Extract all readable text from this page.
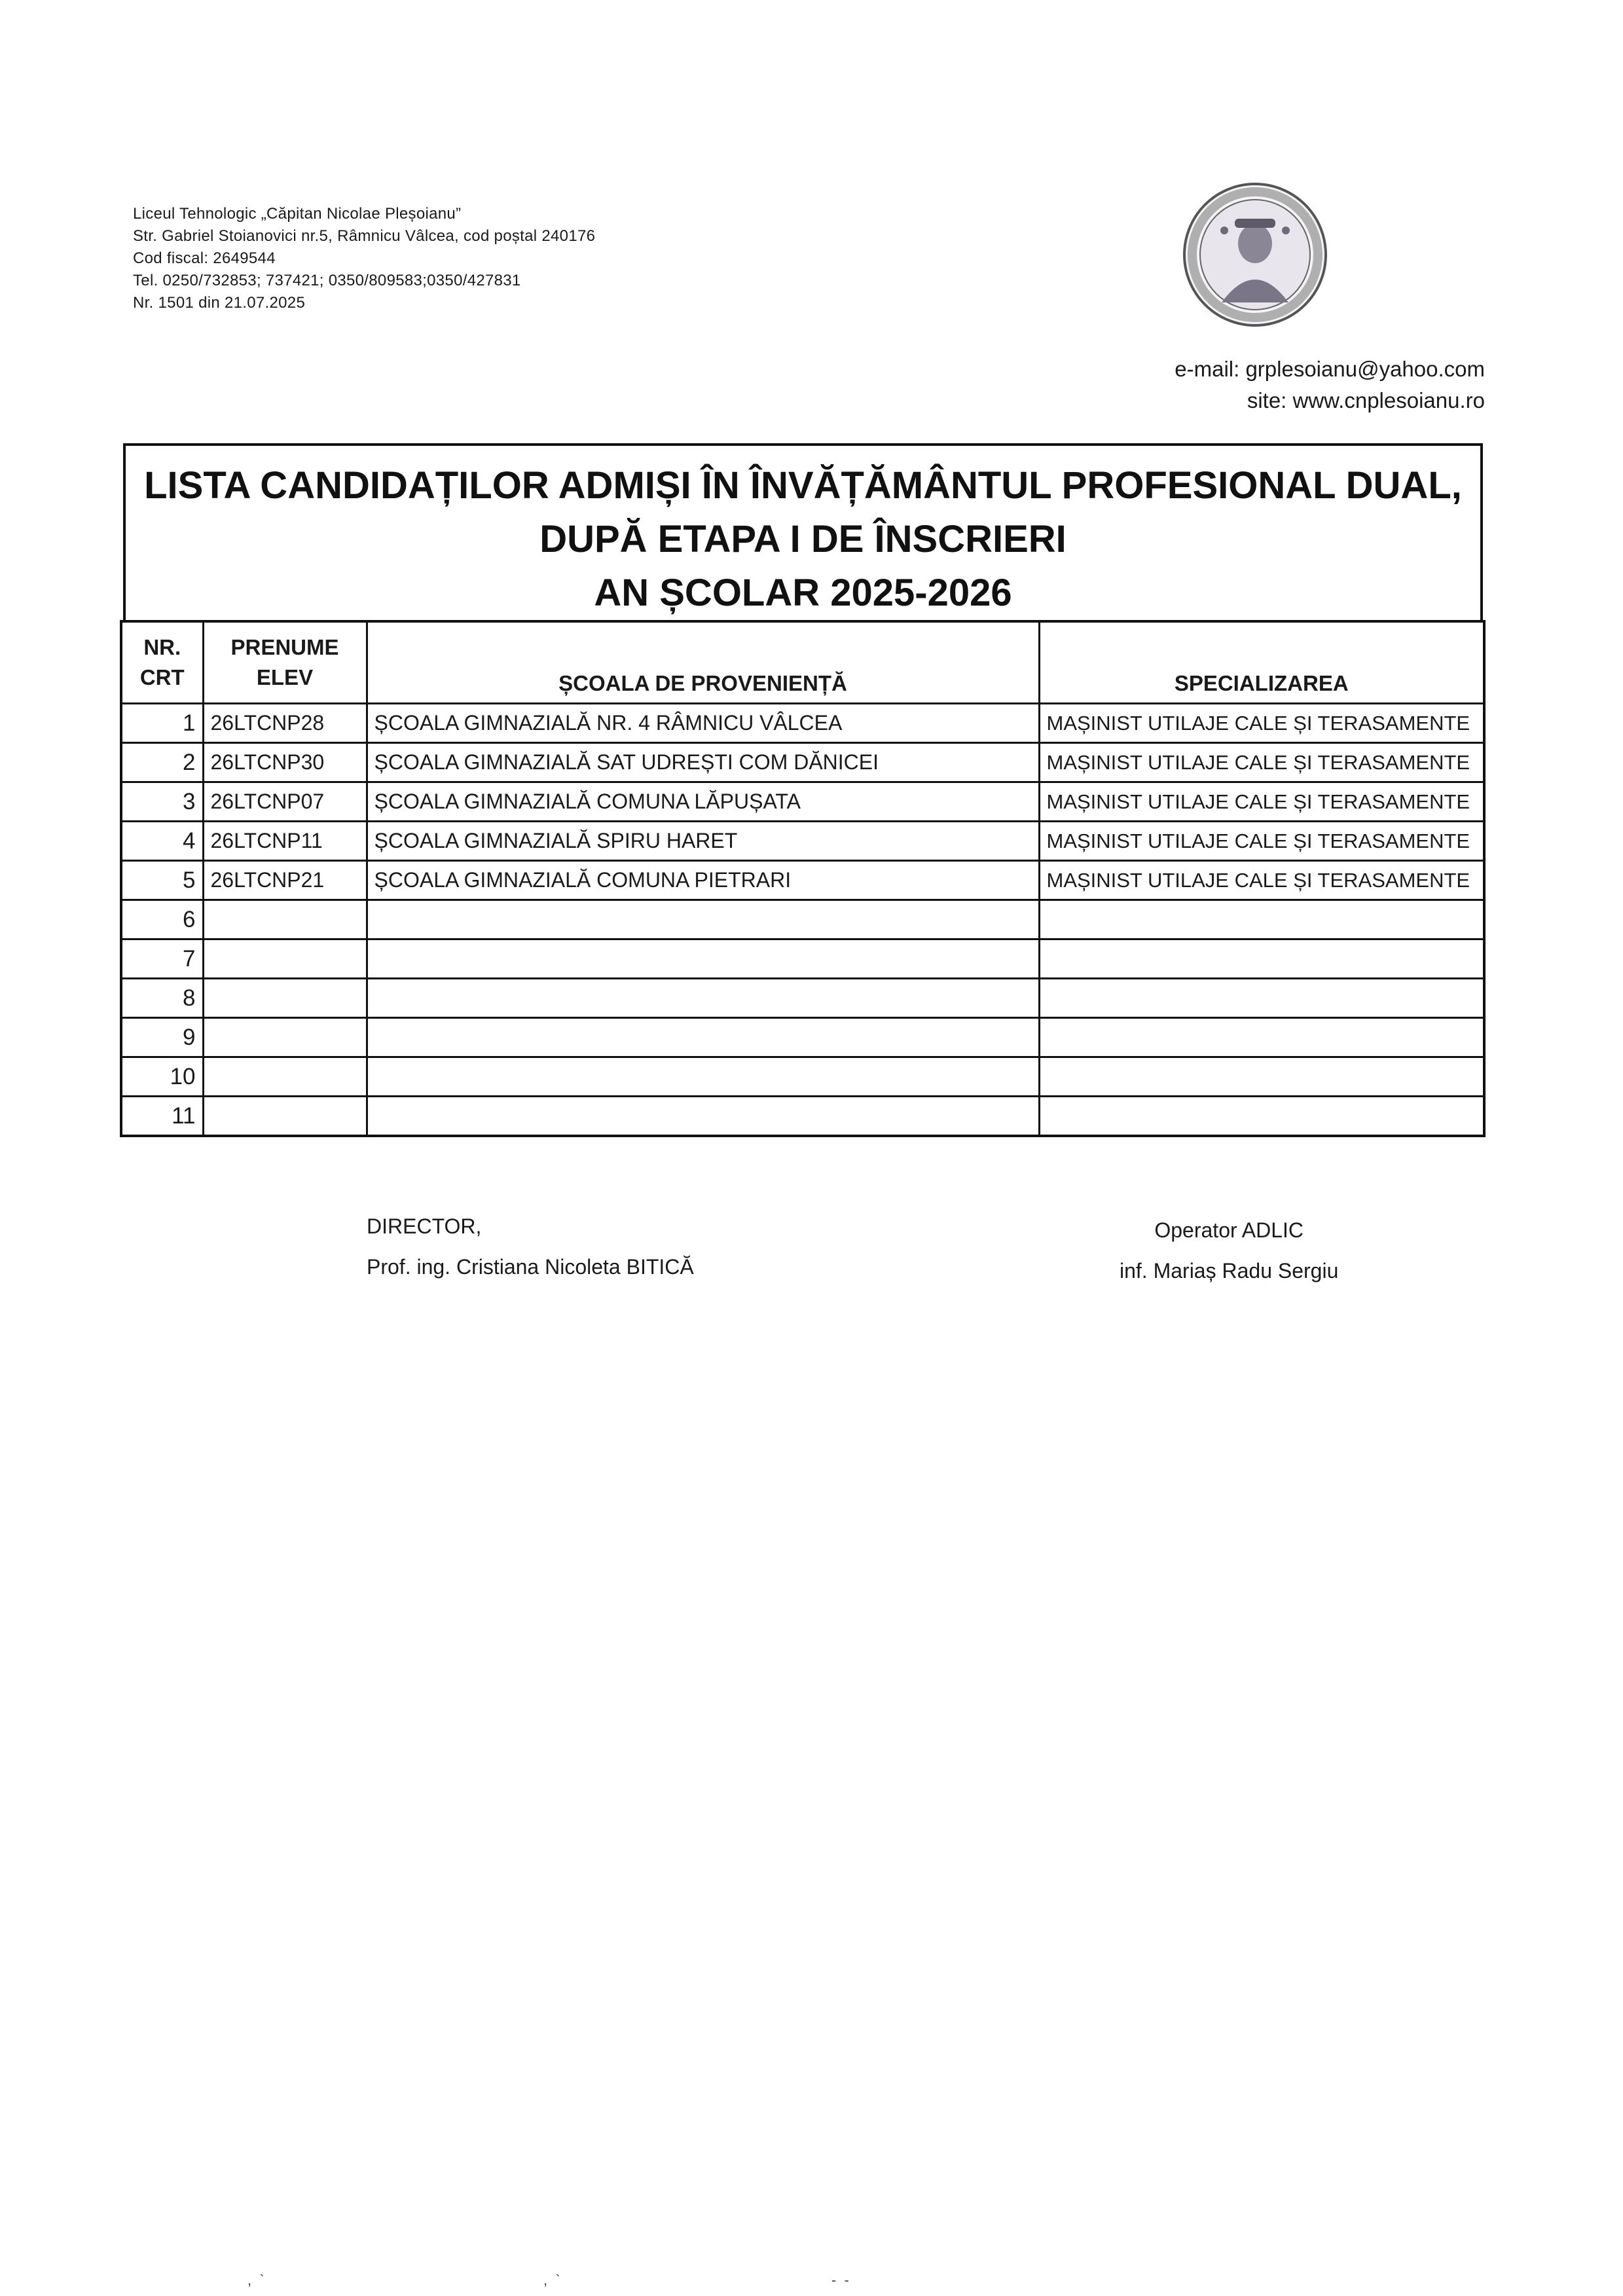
Liceul Tehnologic „Căpitan Nicolae Pleșoianu”
Str. Gabriel Stoianovici nr.5, Râmnicu Vâlcea, cod poștal 240176
Cod fiscal: 2649544
Tel. 0250/732853; 737421; 0350/809583;0350/427831
Nr. 1501 din 21.07.2025
e-mail: grplesoianu@yahoo.com
site: www.cnplesoianu.ro
LISTA CANDIDAȚILOR ADMIȘI ÎN ÎNVĂȚĂMÂNTUL PROFESIONAL DUAL,
DUPĂ ETAPA I DE ÎNSCRIERI
AN ȘCOLAR 2025-2026
NR. CRT	PRENUME ELEV	ȘCOALA DE PROVENIENȚĂ	SPECIALIZAREA
1	26LTCNP28	ȘCOALA GIMNAZIALĂ NR. 4 RÂMNICU VÂLCEA	MAȘINIST UTILAJE CALE ȘI TERASAMENTE
2	26LTCNP30	ȘCOALA GIMNAZIALĂ SAT UDREȘTI COM DĂNICEI	MAȘINIST UTILAJE CALE ȘI TERASAMENTE
3	26LTCNP07	ȘCOALA GIMNAZIALĂ COMUNA LĂPUȘATA	MAȘINIST UTILAJE CALE ȘI TERASAMENTE
4	26LTCNP11	ȘCOALA GIMNAZIALĂ SPIRU HARET	MAȘINIST UTILAJE CALE ȘI TERASAMENTE
5	26LTCNP21	ȘCOALA GIMNAZIALĂ COMUNA PIETRARI	MAȘINIST UTILAJE CALE ȘI TERASAMENTE
6			
7			
8			
9			
10			
11			
DIRECTOR,
Prof. ing. Cristiana Nicoleta BITICĂ
Operator ADLIC
inf. Mariaș Radu Sergiu
,  `	,  `	-  -
